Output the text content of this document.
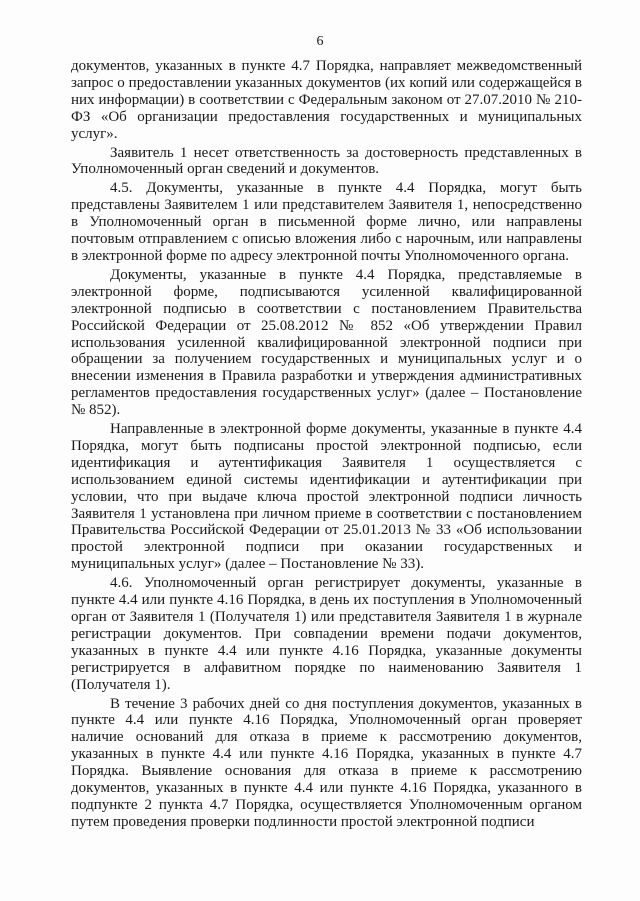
6

документов, указанных в пункте 4.7 Порядка, направляет межведомственный запрос о предоставлении указанных документов (их копий или содержащейся в них информации) в соответствии с Федеральным законом от 27.07.2010 № 210-ФЗ «Об организации предоставления государственных и муниципальных услуг».

Заявитель 1 несет ответственность за достоверность представленных в Уполномоченный орган сведений и документов.

4.5. Документы, указанные в пункте 4.4 Порядка, могут быть представлены Заявителем 1 или представителем Заявителя 1, непосредственно в Уполномоченный орган в письменной форме лично, или направлены почтовым отправлением с описью вложения либо с нарочным, или направлены в электронной форме по адресу электронной почты Уполномоченного органа.

Документы, указанные в пункте 4.4 Порядка, представляемые в электронной форме, подписываются усиленной квалифицированной электронной подписью в соответствии с постановлением Правительства Российской Федерации от 25.08.2012 № 852 «Об утверждении Правил использования усиленной квалифицированной электронной подписи при обращении за получением государственных и муниципальных услуг и о внесении изменения в Правила разработки и утверждения административных регламентов предоставления государственных услуг» (далее – Постановление № 852).

Направленные в электронной форме документы, указанные в пункте 4.4 Порядка, могут быть подписаны простой электронной подписью, если идентификация и аутентификация Заявителя 1 осуществляется с использованием единой системы идентификации и аутентификации при условии, что при выдаче ключа простой электронной подписи личность Заявителя 1 установлена при личном приеме в соответствии с постановлением Правительства Российской Федерации от 25.01.2013 № 33 «Об использовании простой электронной подписи при оказании государственных и муниципальных услуг» (далее – Постановление № 33).

4.6. Уполномоченный орган регистрирует документы, указанные в пункте 4.4 или пункте 4.16 Порядка, в день их поступления в Уполномоченный орган от Заявителя 1 (Получателя 1) или представителя Заявителя 1 в журнале регистрации документов. При совпадении времени подачи документов, указанных в пункте 4.4 или пункте 4.16 Порядка, указанные документы регистрируется в алфавитном порядке по наименованию Заявителя 1 (Получателя 1).

В течение 3 рабочих дней со дня поступления документов, указанных в пункте 4.4 или пункте 4.16 Порядка, Уполномоченный орган проверяет наличие оснований для отказа в приеме к рассмотрению документов, указанных в пункте 4.4 или пункте 4.16 Порядка, указанных в пункте 4.7 Порядка. Выявление основания для отказа в приеме к рассмотрению документов, указанных в пункте 4.4 или пункте 4.16 Порядка, указанного в подпункте 2 пункта 4.7 Порядка, осуществляется Уполномоченным органом путем проведения проверки подлинности простой электронной подписи
